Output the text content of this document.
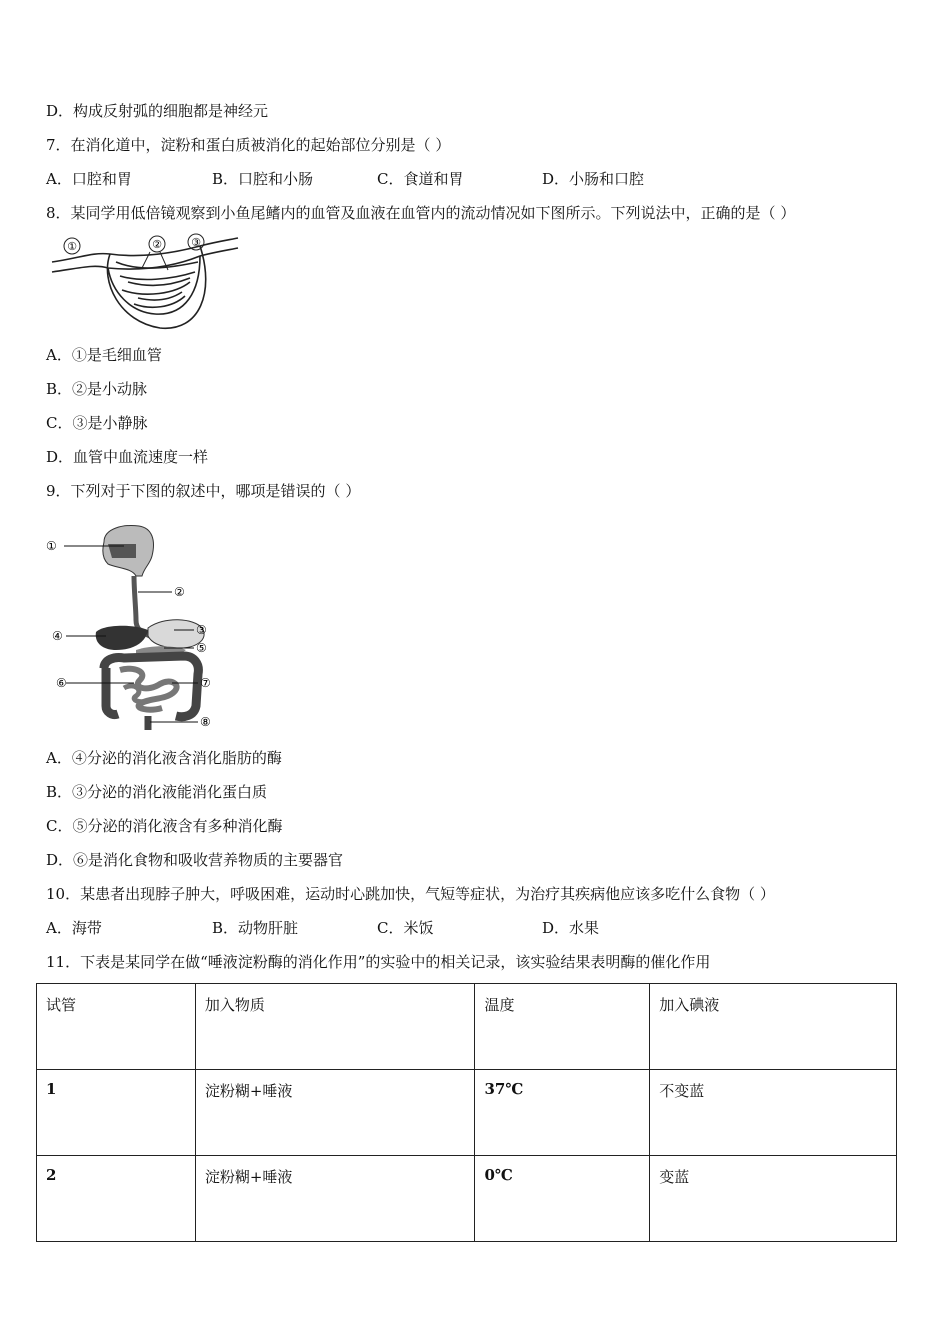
D．构成反射弧的细胞都是神经元
7．在消化道中，淀粉和蛋白质被消化的起始部位分别是（ ）
A．口腔和胃	B．口腔和小肠	C．食道和胃	D．小肠和口腔
8．某同学用低倍镜观察到小鱼尾鳍内的血管及血液在血管内的流动情况如下图所示。下列说法中，正确的是（ ）
①	②	③
A．①是毛细血管
B．②是小动脉
C．③是小静脉
D．血管中血流速度一样
9．下列对于下图的叙述中，哪项是错误的（ ）
①
②
③
④
⑤
⑥	⑦
⑧
A．④分泌的消化液含消化脂肪的酶
B．③分泌的消化液能消化蛋白质
C．⑤分泌的消化液含有多种消化酶
D．⑥是消化食物和吸收营养物质的主要器官
10．某患者出现脖子肿大，呼吸困难，运动时心跳加快，气短等症状，为治疗其疾病他应该多吃什么食物（ ）
A．海带	B．动物肝脏	C．米饭	D．水果
11．下表是某同学在做“唾液淀粉酶的消化作用”的实验中的相关记录，该实验结果表明酶的催化作用
试管	加入物质	温度	加入碘液
1	淀粉糊+唾液	37℃	不变蓝
2	淀粉糊+唾液	0℃	变蓝
